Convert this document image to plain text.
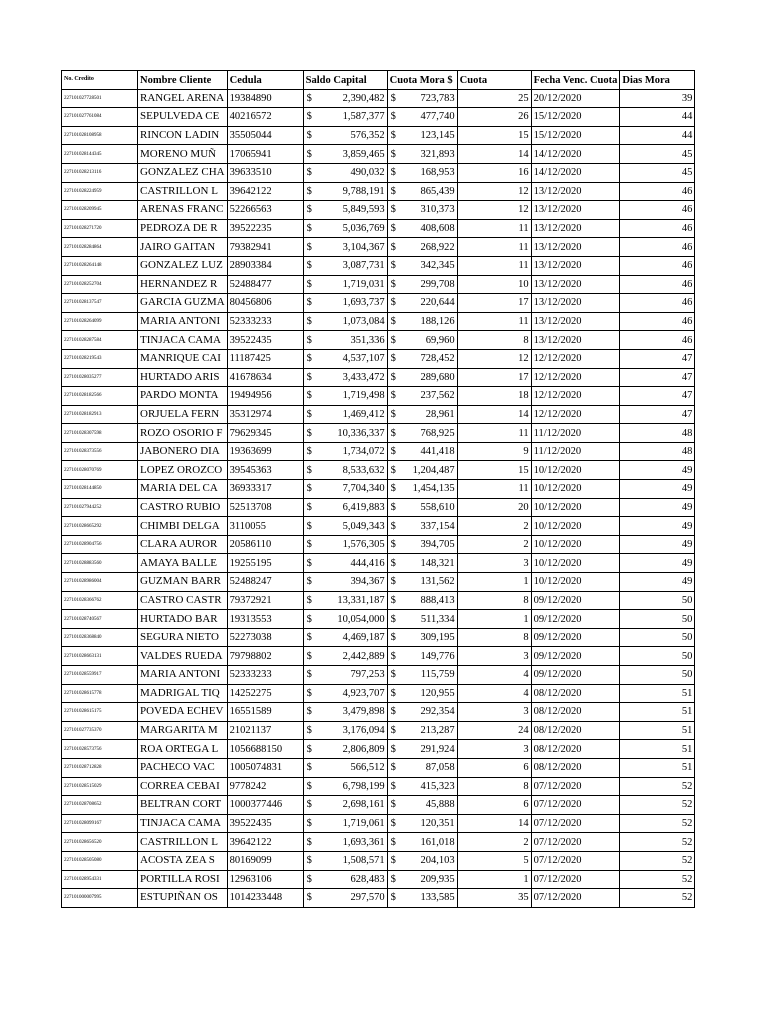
No. Credito	Nombre Cliente	Cedula	Saldo Capital	Cuota Mora $	Cuota	Fecha Venc. Cuota	Dias Mora
227101027728501	RANGEL ARENA	19384890	$ 2,390,482	$ 723,783	25	20/12/2020	39
227101027761084	SEPULVEDA CE	40216572	$ 1,587,377	$ 477,740	26	15/12/2020	44
227101028108958	RINCON LADIN	35505044	$ 576,352	$ 123,145	15	15/12/2020	44
227101028144345	MORENO MUÑ	17065941	$ 3,859,465	$ 321,893	14	14/12/2020	45
227101028213116	GONZALEZ CHA	39633510	$ 490,032	$ 168,953	16	14/12/2020	45
227101028224959	CASTRILLON L	39642122	$ 9,788,191	$ 865,439	12	13/12/2020	46
227101028209945	ARENAS FRANC	52266563	$ 5,849,593	$ 310,373	12	13/12/2020	46
227101028271720	PEDROZA DE R	39522235	$ 5,036,769	$ 408,608	11	13/12/2020	46
227101028284864	JAIRO GAITAN	79382941	$ 3,104,367	$ 268,922	11	13/12/2020	46
227101028264148	GONZALEZ LUZ	28903384	$ 3,087,731	$ 342,345	11	13/12/2020	46
227101028252704	HERNANDEZ R	52488477	$ 1,719,031	$ 299,708	10	13/12/2020	46
227101028137547	GARCIA GUZMA	80456806	$ 1,693,737	$ 220,644	17	13/12/2020	46
227101028264099	MARIA ANTONI	52333233	$ 1,073,084	$ 188,126	11	13/12/2020	46
227101028287584	TINJACA CAMA	39522435	$ 351,336	$ 69,960	8	13/12/2020	46
227101028219543	MANRIQUE CAI	11187425	$ 4,537,107	$ 728,452	12	12/12/2020	47
227101028035277	HURTADO ARIS	41678634	$ 3,433,472	$ 289,680	17	12/12/2020	47
227101028182566	PARDO MONTA	19494956	$ 1,719,498	$ 237,562	18	12/12/2020	47
227101028182913	ORJUELA FERN	35312974	$ 1,469,412	$ 28,961	14	12/12/2020	47
227101028307598	ROZO OSORIO F	79629345	$ 10,336,337	$ 768,925	11	11/12/2020	48
227101028373556	JABONERO DIA	19363699	$ 1,734,072	$ 441,418	9	11/12/2020	48
227101028070769	LOPEZ OROZCO	39545363	$ 8,533,632	$ 1,204,487	15	10/12/2020	49
227101028144850	MARIA DEL CA	36933317	$ 7,704,340	$ 1,454,135	11	10/12/2020	49
227101027944252	CASTRO RUBIO	52513708	$ 6,419,883	$ 558,610	20	10/12/2020	49
227101028665292	CHIMBI DELGA	3110055	$ 5,049,343	$ 337,154	2	10/12/2020	49
227101028904756	CLARA AUROR	20586110	$ 1,576,305	$ 394,705	2	10/12/2020	49
227101028883560	AMAYA BALLE	19255195	$ 444,416	$ 148,321	3	10/12/2020	49
227101028986004	GUZMAN BARR	52488247	$ 394,367	$ 131,562	1	10/12/2020	49
227101028366762	CASTRO CASTR	79372921	$ 13,331,187	$ 888,413	8	09/12/2020	50
227101028740567	HURTADO BAR	19313553	$ 10,054,000	$ 511,334	1	09/12/2020	50
227101028368840	SEGURA NIETO	52273038	$ 4,469,187	$ 309,195	8	09/12/2020	50
227101028663131	VALDES RUEDA	79798802	$ 2,442,889	$ 149,776	3	09/12/2020	50
227101028559917	MARIA ANTONI	52333233	$ 797,253	$ 115,759	4	09/12/2020	50
227101028615778	MADRIGAL TIQ	14252275	$ 4,923,707	$ 120,955	4	08/12/2020	51
227101028615175	POVEDA ECHEV	16551589	$ 3,479,898	$ 292,354	3	08/12/2020	51
227101027735370	MARGARITA M	21021137	$ 3,176,094	$ 213,287	24	08/12/2020	51
227101028573756	ROA ORTEGA L	1056688150	$ 2,806,809	$ 291,924	3	08/12/2020	51
227101028712828	PACHECO VAC	1005074831	$ 566,512	$ 87,058	6	08/12/2020	51
227101028515029	CORREA CEBAI	9778242	$ 6,798,199	$ 415,323	8	07/12/2020	52
227101028708652	BELTRAN CORT	1000377446	$ 2,698,161	$ 45,888	6	07/12/2020	52
227101028099167	TINJACA CAMA	39522435	$ 1,719,061	$ 120,351	14	07/12/2020	52
227101028656520	CASTRILLON L	39642122	$ 1,693,361	$ 161,018	2	07/12/2020	52
227101028505080	ACOSTA ZEA S	80169099	$ 1,508,571	$ 204,103	5	07/12/2020	52
227101028954331	PORTILLA ROSI	12963106	$ 628,483	$ 209,935	1	07/12/2020	52
227101000007995	ESTUPIÑAN OS	1014233448	$ 297,570	$ 133,585	35	07/12/2020	52
